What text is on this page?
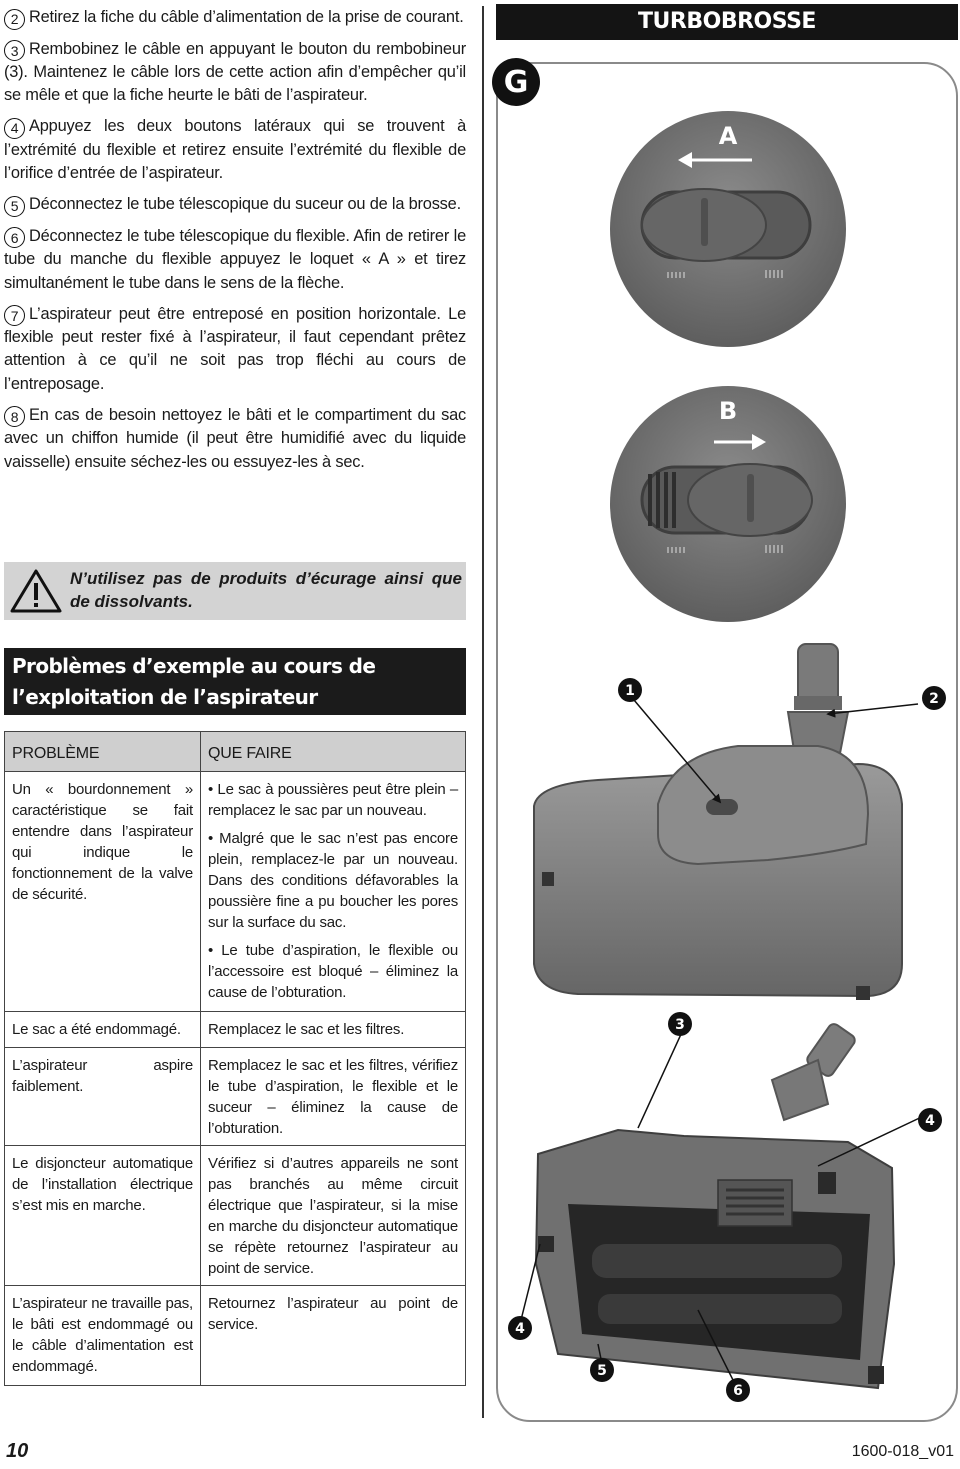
2 Retirez la fiche du câble d’alimentation de la prise de courant.

3 Rembobinez le câble en appuyant le bouton du rembobineur (3). Maintenez le câble lors de cette action afin d’empêcher qu’il se mêle et que la fiche heurte le bâti de l’aspirateur.

4 Appuyez les deux boutons latéraux qui se trouvent à l’extrémité du flexible et retirez ensuite l’extrémité du flexible de l’orifice d’entrée de l’aspirateur.

5 Déconnectez le tube télescopique du suceur ou de la brosse.

6 Déconnectez le tube télescopique du flexible. Afin de retirer le tube du manche du flexible appuyez le loquet « A » et tirez simultanément le tube dans le sens de la flèche.

7 L’aspirateur peut être entreposé en position horizontale. Le flexible peut rester fixé à l’aspirateur, il faut cependant prêtez attention à ce qu’il ne soit pas trop fléchi au cours de l’entreposage.

8 En cas de besoin nettoyez le bâti et le compartiment du sac avec un chiffon humide (il peut être humidifié avec du liquide vaisselle) ensuite séchez-les ou essuyez-les à sec.

N’utilisez pas de produits d’écurage ainsi que de dissolvants.
Problèmes d’exemple au cours de l’exploitation de l’aspirateur
PROBLÈME	QUE FAIRE
Un « bourdonnement » caractéristique se fait entendre dans l’aspirateur qui indique le fonctionnement de la valve de sécurité.	• Le sac à poussières peut être plein – remplacez le sac par un nouveau.
• Malgré que le sac n’est pas encore plein, remplacez-le par un nouveau. Dans des conditions défavorables la poussière fine a pu boucher les pores sur la surface du sac.
• Le tube d’aspiration, le flexible ou l’accessoire est bloqué – éliminez la cause de l’obturation.

Le sac a été endommagé.	Remplacez le sac et les filtres.
L’aspirateur aspire faiblement.	Remplacez le sac et les filtres, vérifiez le tube d’aspiration, le flexible et le suceur – éliminez la cause de l’obturation.
Le disjoncteur automatique de l’installation électrique s’est mis en marche.	Vérifiez si d’autres appareils ne sont pas branchés au même circuit électrique que l’aspirateur, si la mise en marche du disjoncteur automatique se répète retournez l’aspirateur au point de service.
L’aspirateur ne travaille pas, le bâti est endommagé ou le câble d’alimentation est endommagé.	Retournez l’aspirateur au point de service.
A
B
1	2
3
4
4
5
6
TURBOBROSSE
G
10	1600-018_v01
